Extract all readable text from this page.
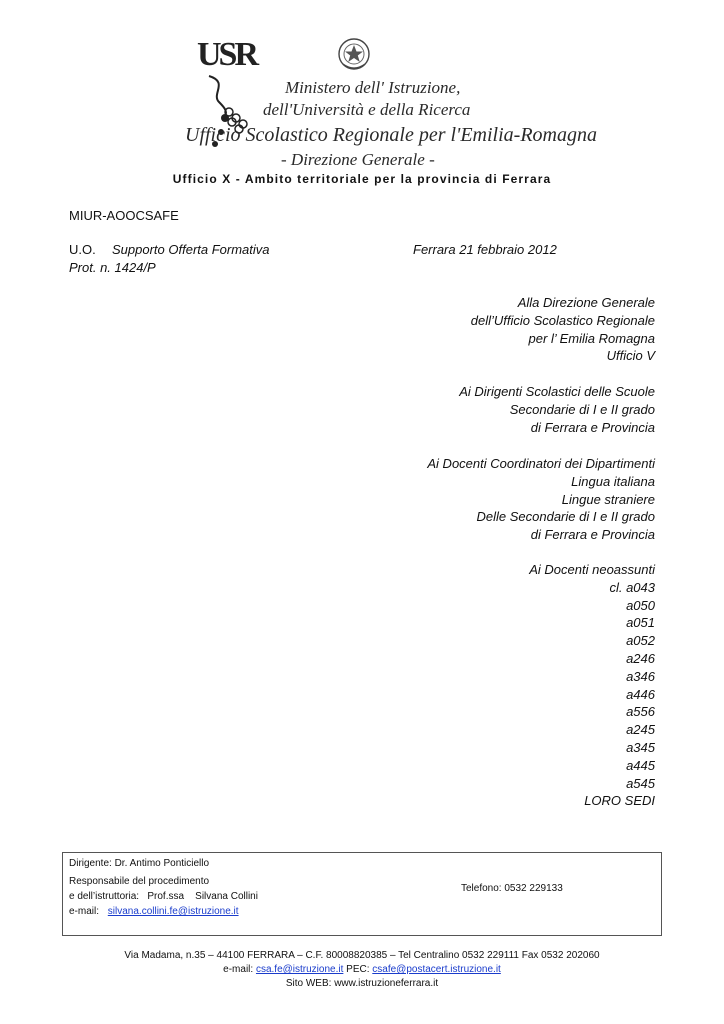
USR
Ministero dell' Istruzione,
dell'Università e della Ricerca
Ufficio Scolastico Regionale per l'Emilia-Romagna
- Direzione Generale -
Ufficio X - Ambito territoriale per la provincia di Ferrara
MIUR-AOOCSAFE
U.O. Supporto Offerta Formativa	Ferrara 21 febbraio 2012
Prot. n. 1424/P
Alla Direzione Generale
dell’Ufficio Scolastico Regionale
per l’ Emilia Romagna
Ufficio V
Ai Dirigenti Scolastici delle Scuole
Secondarie di I e II grado
di Ferrara e Provincia
Ai Docenti Coordinatori dei Dipartimenti
Lingua italiana
Lingue straniere
Delle Secondarie di I e II grado
di Ferrara e Provincia
Ai Docenti neoassunti
cl. a043
a050
a051
a052
a246
a346
a446
a556
a245
a345
a445
a545
LORO SEDI
Dirigente: Dr. Antimo Ponticiello
Responsabile del procedimento
e dell’istruttoria:   Prof.ssa    Silvana Collini
e-mail: silvana.collini.fe@istruzione.it
Telefono: 0532 229133
Via Madama, n.35 – 44100 FERRARA – C.F. 80008820385 – Tel Centralino 0532 229111 Fax 0532 202060
e-mail: csa.fe@istruzione.it PEC: csafe@postacert.istruzione.it
Sito WEB: www.istruzioneferrara.it
